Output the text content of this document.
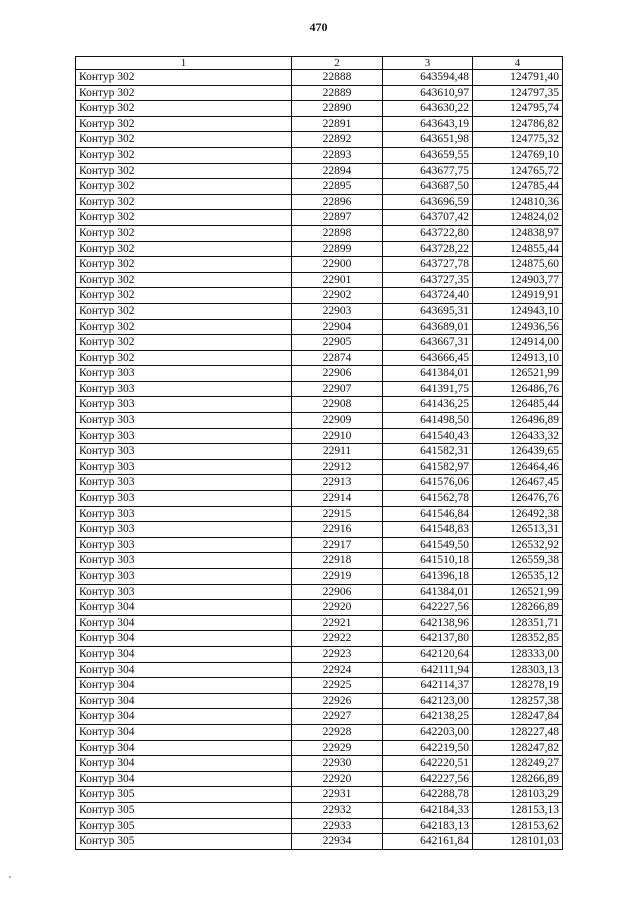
470
1	2	3	4
Контур 302	22888	643594,48	124791,40
Контур 302	22889	643610,97	124797,35
Контур 302	22890	643630,22	124795,74
Контур 302	22891	643643,19	124786,82
Контур 302	22892	643651,98	124775,32
Контур 302	22893	643659,55	124769,10
Контур 302	22894	643677,75	124765,72
Контур 302	22895	643687,50	124785,44
Контур 302	22896	643696,59	124810,36
Контур 302	22897	643707,42	124824,02
Контур 302	22898	643722,80	124838,97
Контур 302	22899	643728,22	124855,44
Контур 302	22900	643727,78	124875,60
Контур 302	22901	643727,35	124903,77
Контур 302	22902	643724,40	124919,91
Контур 302	22903	643695,31	124943,10
Контур 302	22904	643689,01	124936,56
Контур 302	22905	643667,31	124914,00
Контур 302	22874	643666,45	124913,10
Контур 303	22906	641384,01	126521,99
Контур 303	22907	641391,75	126486,76
Контур 303	22908	641436,25	126485,44
Контур 303	22909	641498,50	126496,89
Контур 303	22910	641540,43	126433,32
Контур 303	22911	641582,31	126439,65
Контур 303	22912	641582,97	126464,46
Контур 303	22913	641576,06	126467,45
Контур 303	22914	641562,78	126476,76
Контур 303	22915	641546,84	126492,38
Контур 303	22916	641548,83	126513,31
Контур 303	22917	641549,50	126532,92
Контур 303	22918	641510,18	126559,38
Контур 303	22919	641396,18	126535,12
Контур 303	22906	641384,01	126521,99
Контур 304	22920	642227,56	128266,89
Контур 304	22921	642138,96	128351,71
Контур 304	22922	642137,80	128352,85
Контур 304	22923	642120,64	128333,00
Контур 304	22924	642111,94	128303,13
Контур 304	22925	642114,37	128278,19
Контур 304	22926	642123,00	128257,38
Контур 304	22927	642138,25	128247,84
Контур 304	22928	642203,00	128227,48
Контур 304	22929	642219,50	128247,82
Контур 304	22930	642220,51	128249,27
Контур 304	22920	642227,56	128266,89
Контур 305	22931	642288,78	128103,29
Контур 305	22932	642184,33	128153,13
Контур 305	22933	642183,13	128153,62
Контур 305	22934	642161,84	128101,03
